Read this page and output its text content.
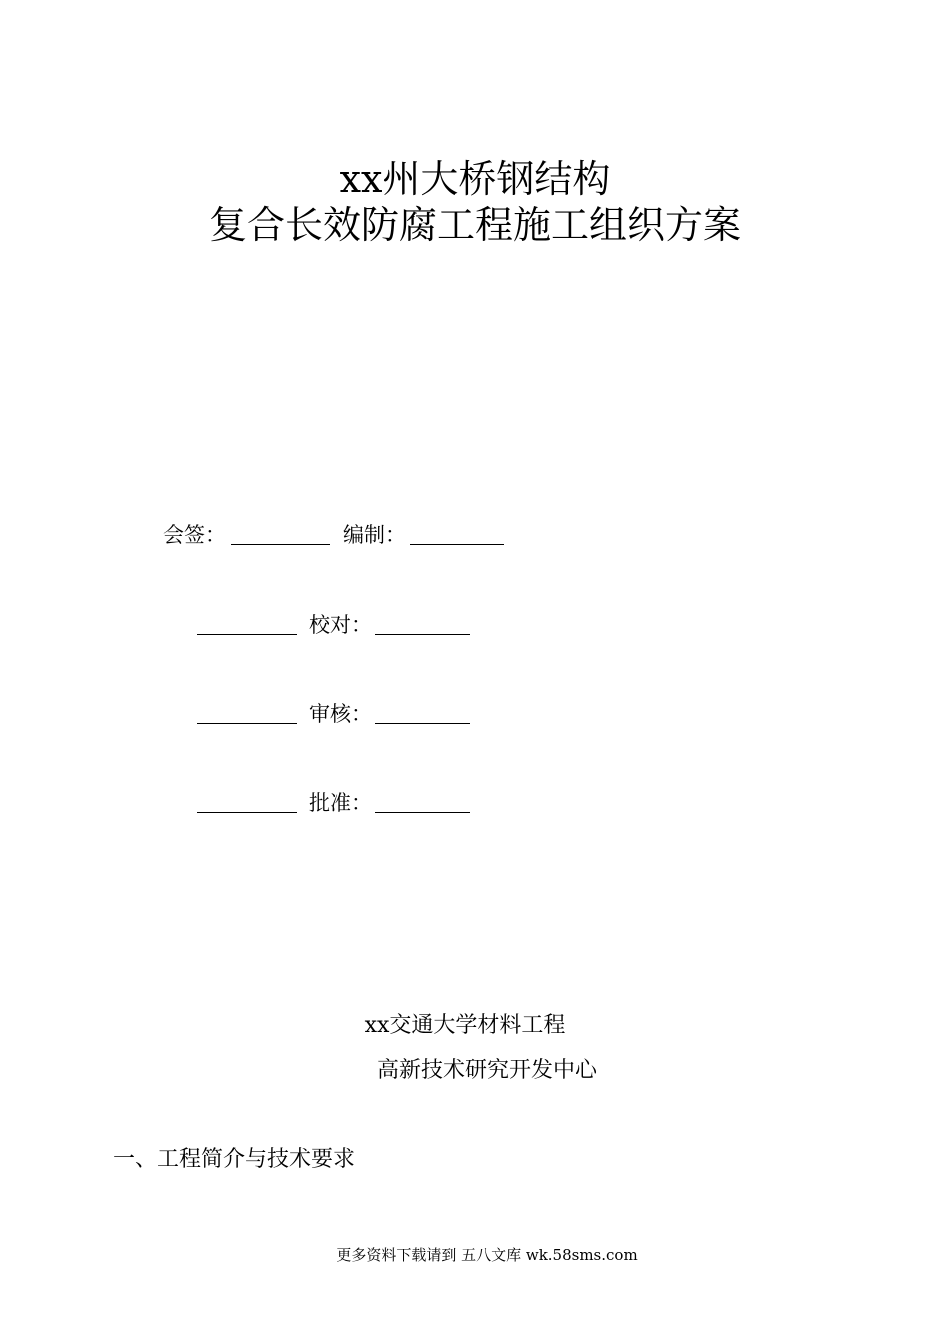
xx州大桥钢结构
复合长效防腐工程施工组织方案
会签：	编制：
校对：
审核：
批准：
xx交通大学材料工程
高新技术研究开发中心
一、工程简介与技术要求
更多资料下载请到 五八文库 wk.58sms.com
